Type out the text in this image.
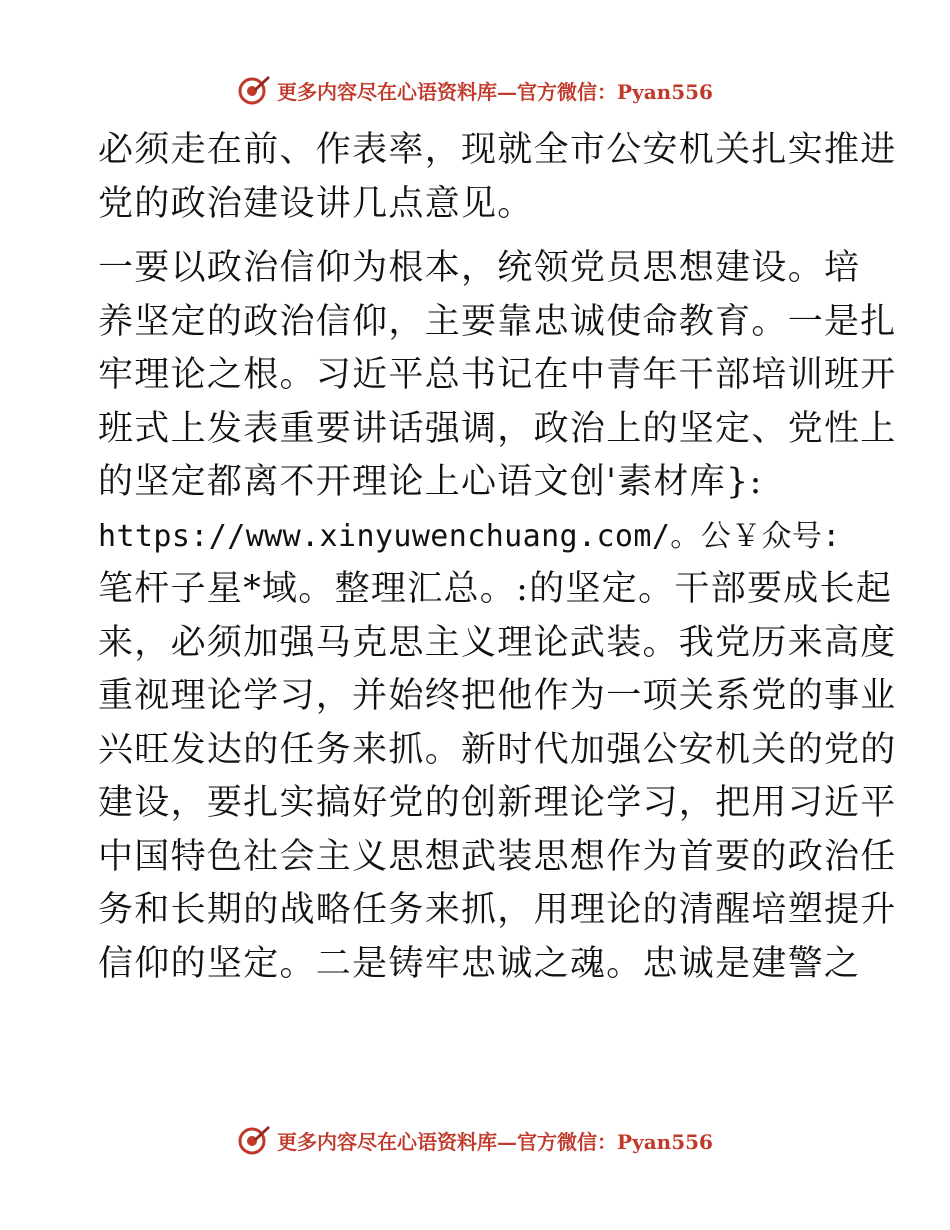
更多内容尽在心语资料库—官方微信：Pyan556
必须走在前、作表率，现就全市公安机关扎实推进
党的政治建设讲几点意见。
一要以政治信仰为根本，统领党员思想建设。培
养坚定的政治信仰，主要靠忠诚使命教育。一是扎
牢理论之根。习近平总书记在中青年干部培训班开
班式上发表重要讲话强调，政治上的坚定、党性上
的坚定都离不开理论上心语文创'素材库}:
https://www.xinyuwenchuang.com/。公￥众号:
笔杆子星*域。整理汇总。:的坚定。干部要成长起
来，必须加强马克思主义理论武装。我党历来高度
重视理论学习，并始终把他作为一项关系党的事业
兴旺发达的任务来抓。新时代加强公安机关的党的
建设，要扎实搞好党的创新理论学习，把用习近平
中国特色社会主义思想武装思想作为首要的政治任
务和长期的战略任务来抓，用理论的清醒培塑提升
信仰的坚定。二是铸牢忠诚之魂。忠诚是建警之
更多内容尽在心语资料库—官方微信：Pyan556
